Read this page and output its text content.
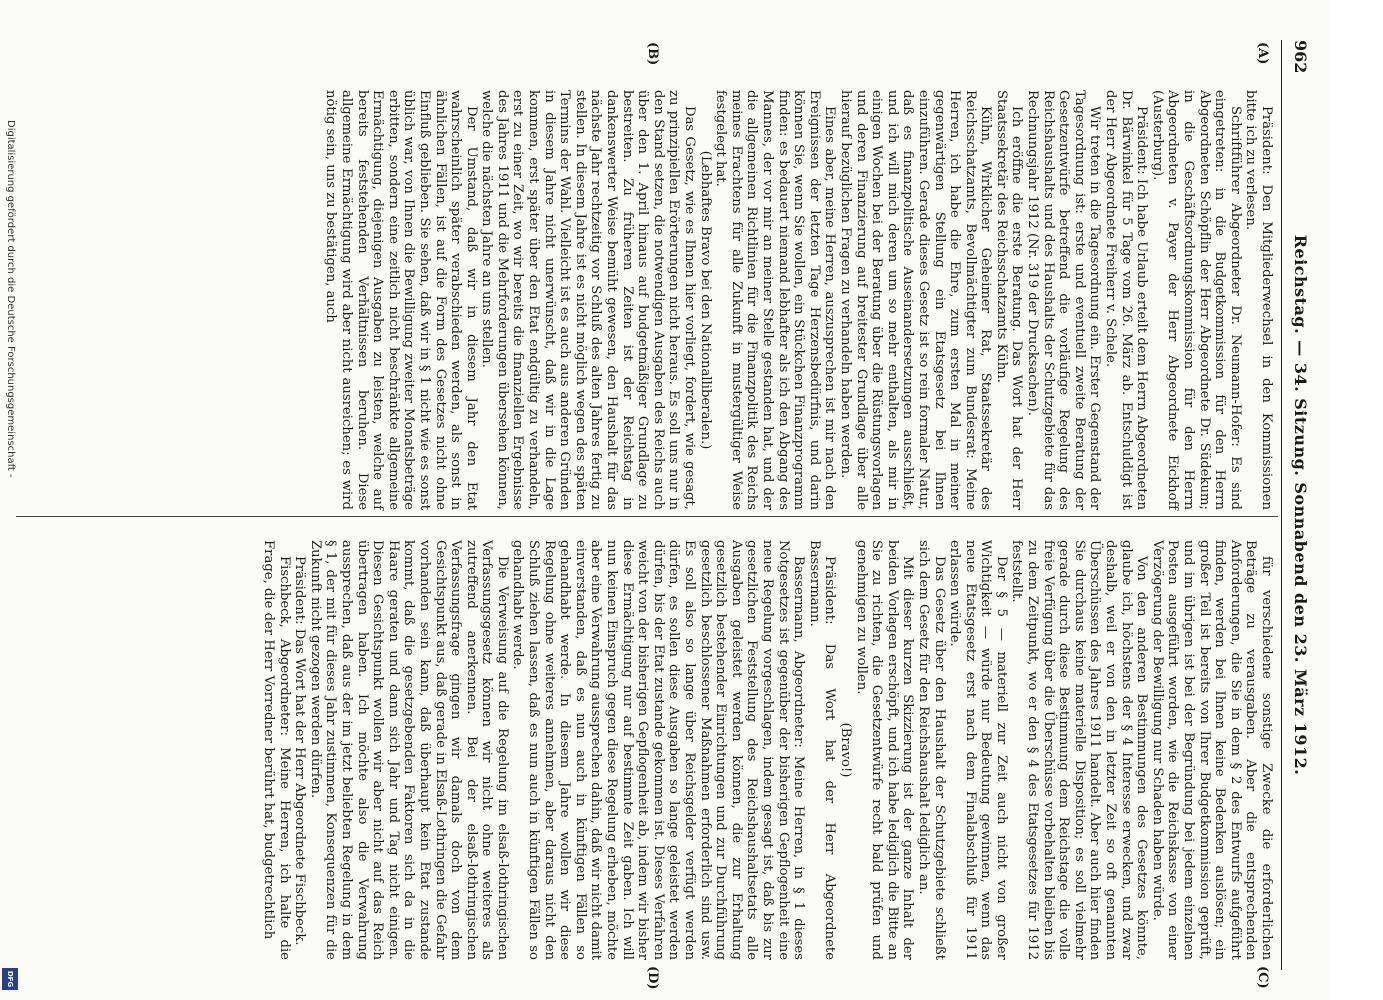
962
Reichstag. — 34. Sitzung. Sonnabend den 23. März 1912.
(A)
(B)
(C)
(D)

Präsident: Den Mitgliederwechsel in den Kommissionen bitte ich zu verlesen.

Schriftführer Abgeordneter Dr. Neumann-Hofer: Es sind eingetreten: in die Budgetkommission für den Herrn Abgeordneten Schöpflin der Herr Abgeordnete Dr. Südekum; in die Geschäftsordnungskommission für den Herrn Abgeordneten v. Payer der Herr Abgeordnete Eickhoff (Austerburg).

Präsident: Ich habe Urlaub erteilt dem Herrn Abgeordneten Dr. Bärwinkel für 5 Tage vom 26. März ab. Entschuldigt ist der Herr Abgeordnete Freiherr v. Schele.

Wir treten in die Tagesordnung ein. Erster Gegenstand der Tagesordnung ist: erste und eventuell zweite Beratung der Gesetzentwürfe betreffend die vorläufige Regelung des Reichshaushalts und des Haushalts der Schutzgebiete für das Rechnungsjahr 1912 (Nr. 319 der Drucksachen).

Ich eröffne die erste Beratung. Das Wort hat der Herr Staatssekretär des Reichsschatzamts Kühn.

Kühn, Wirklicher Geheimer Rat, Staatssekretär des Reichsschatzamts, Bevollmächtigter zum Bundesrat: Meine Herren, ich habe die Ehre, zum ersten Mal in meiner gegenwärtigen Stellung ein Etatsgesetz bei Ihnen einzuführen. Gerade dieses Gesetz ist so rein formaler Natur, daß es finanzpolitische Auseinandersetzungen ausschließt, und ich will mich deren um so mehr enthalten, als mir in einigen Wochen bei der Beratung über die Rüstungsvorlagen und deren Finanzierung auf breitester Grundlage über alle hierauf bezüglichen Fragen zu verhandeln haben werden.

Eines aber, meine Herren, auszusprechen ist mir nach den Ereignissen der letzten Tage Herzensbedürfnis, und darin können Sie, wenn Sie wollen, ein Stückchen Finanzprogramm finden: es bedauert niemand lebhafter als ich den Abgang des Mannes, der vor mir an meiner Stelle gestanden hat, und der die allgemeinen Richtlinien für die Finanzpolitik des Reichs meines Erachtens für alle Zukunft in mustergültiger Weise festgelegt hat.

(Lebhaftes Bravo bei den Nationalliberalen.)

Das Gesetz, wie es Ihnen hier vorliegt, fordert, wie gesagt, zu prinzipiellen Erörterungen nicht heraus. Es soll uns nur in den Stand setzen, die notwendigen Ausgaben des Reichs auch über den 1. April hinaus auf budgetmäßiger Grundlage zu bestreiten. Zu früheren Zeiten ist der Reichstag in dankenswerter Weise bemüht gewesen, den Haushalt für das nächste Jahr rechtzeitig vor Schluß des alten Jahres fertig zu stellen. In diesem Jahre ist es nicht möglich wegen des späten Termins der Wahl. Vielleicht ist es auch aus anderen Gründen in diesem Jahre nicht unerwünscht, daß wir in die Lage kommen, erst später über den Etat endgültig zu verhandeln, erst zu einer Zeit, wo wir bereits die finanziellen Ergebnisse des Jahres 1911 und die Mehrforderungen übersehen können, welche die nächsten Jahre an uns stellen.

Der Umstand, daß wir in diesem Jahr den Etat wahrscheinlich später verabschieden werden, als sonst in ähnlichen Fällen, ist auf die Form des Gesetzes nicht ohne Einfluß geblieben. Sie sehen, daß wir in § 1 nicht wie es sonst üblich war, von Ihnen die Bewilligung zweiter Monatsbeträge erbitten, sondern eine zeitlich nicht beschränkte allgemeine Ermächtigung, diejenigen Ausgaben zu leisten, welche auf bereits feststehenden Verhältnissen beruhen. Diese allgemeine Ermächtigung wird aber nicht ausreichen; es wird nötig sein, uns zu bestätigen, auch

für verschiedene sonstige Zwecke die erforderlichen Beträge zu verausgaben. Aber die entsprechenden Anforderungen, die Sie in dem § 2 des Entwurfs aufgeführt finden, werden bei Ihnen keine Bedenken auslösen; ein großer Teil ist bereits von Ihrer Budgetkommission geprüft, und im übrigen ist bei der Begründung bei jedem einzelnen Posten ausgeführt worden, wie die Reichskasse von einer Verzögerung der Bewilligung nur Schaden haben würde.

Von den anderen Bestimmungen des Gesetzes könnte, glaube ich, höchstens der § 4 Interesse erwecken, und zwar deshalb, weil er von den in letzter Zeit so oft genannten Überschüssen des Jahres 1911 handelt. Aber auch hier finden Sie durchaus keine materielle Disposition; es soll vielmehr gerade durch diese Bestimmung dem Reichstage die volle freie Verfügung über die Überschüsse vorbehalten bleiben bis zu dem Zeitpunkt, wo er den § 4 des Etatsgesetzes für 1912 feststellt.

Der § 5 — materiell zur Zeit auch nicht von großer Wichtigkeit — würde nur Bedeutung gewinnen, wenn das neue Etatsgesetz erst nach dem Finalabschluß für 1911 erlassen würde.

Das Gesetz über den Haushalt der Schutzgebiete schließt sich dem Gesetz für den Reichshaushalt lediglich an.

Mit dieser kurzen Skizzierung ist der ganze Inhalt der beiden Vorlagen erschöpft, und ich habe lediglich die Bitte an Sie zu richten, die Gesetzentwürfe recht bald prüfen und genehmigen zu wollen.

(Bravo!)

Präsident: Das Wort hat der Herr Abgeordnete Bassermann.

Bassermann, Abgeordneter: Meine Herren, in § 1 dieses Notgesetzes ist gegenüber der bisherigen Gepflogenheit eine neue Regelung vorgeschlagen, indem gesagt ist, daß bis zur gesetzlichen Feststellung des Reichshaushaltsetats alle Ausgaben geleistet werden können, die zur Erhaltung gesetzlich bestehender Einrichtungen und zur Durchführung gesetzlich beschlossener Maßnahmen erforderlich sind usw. Es soll also so lange über Reichsgelder verfügt werden dürfen, es sollen diese Ausgaben so lange geleistet werden dürfen, bis der Etat zustande gekommen ist. Dieses Verfahren weicht von der bisherigen Gepflogenheit ab, indem wir bisher diese Ermächtigung nur auf bestimmte Zeit gaben. Ich will nun keinen Einspruch gegen diese Regelung erheben, möchte aber eine Verwahrung aussprechen dahin, daß wir nicht damit einverstanden, daß es nun auch in künftigen Fällen so gehandhabt werde. In diesem Jahre wollen wir diese Regelung ohne weiteres annehmen, aber daraus nicht den Schluß ziehen lassen, daß es nun auch in künftigen Fällen so gehandhabt werde.

Die Verweisung auf die Regelung im elsaß-lothringischen Verfassungsgesetz können wir nicht ohne weiteres als zutreffend anerkennen. Bei der elsaß-lothringischen Verfassungsfrage gingen wir damals doch von dem Gesichtspunkt aus, daß gerade in Elsaß-Lothringen die Gefahr vorhanden sein kann, daß überhaupt kein Etat zustande kommt, daß die gesetzgebenden Faktoren sich da in die Haare geraten und dann sich Jahr und Tag nicht einigen. Diesen Gesichtspunkt wollen wir aber nicht auf das Reich übertragen haben. Ich möchte also die Verwahrung aussprechen, daß aus der im jetzt beliebten Regelung in dem § 1, der mit für dieses Jahr zustimmen, Konsequenzen für die Zukunft nicht gezogen werden dürfen.

Präsident: Das Wort hat der Herr Abgeordnete Fischbeck.

Fischbeck, Abgeordneter: Meine Herren, ich halte die Frage, die der Herr Vorredner berührt hat, budgetrechtlich

Digitalisierung gefördert durch die Deutsche Forschungsgemeinschaft -
DFG
